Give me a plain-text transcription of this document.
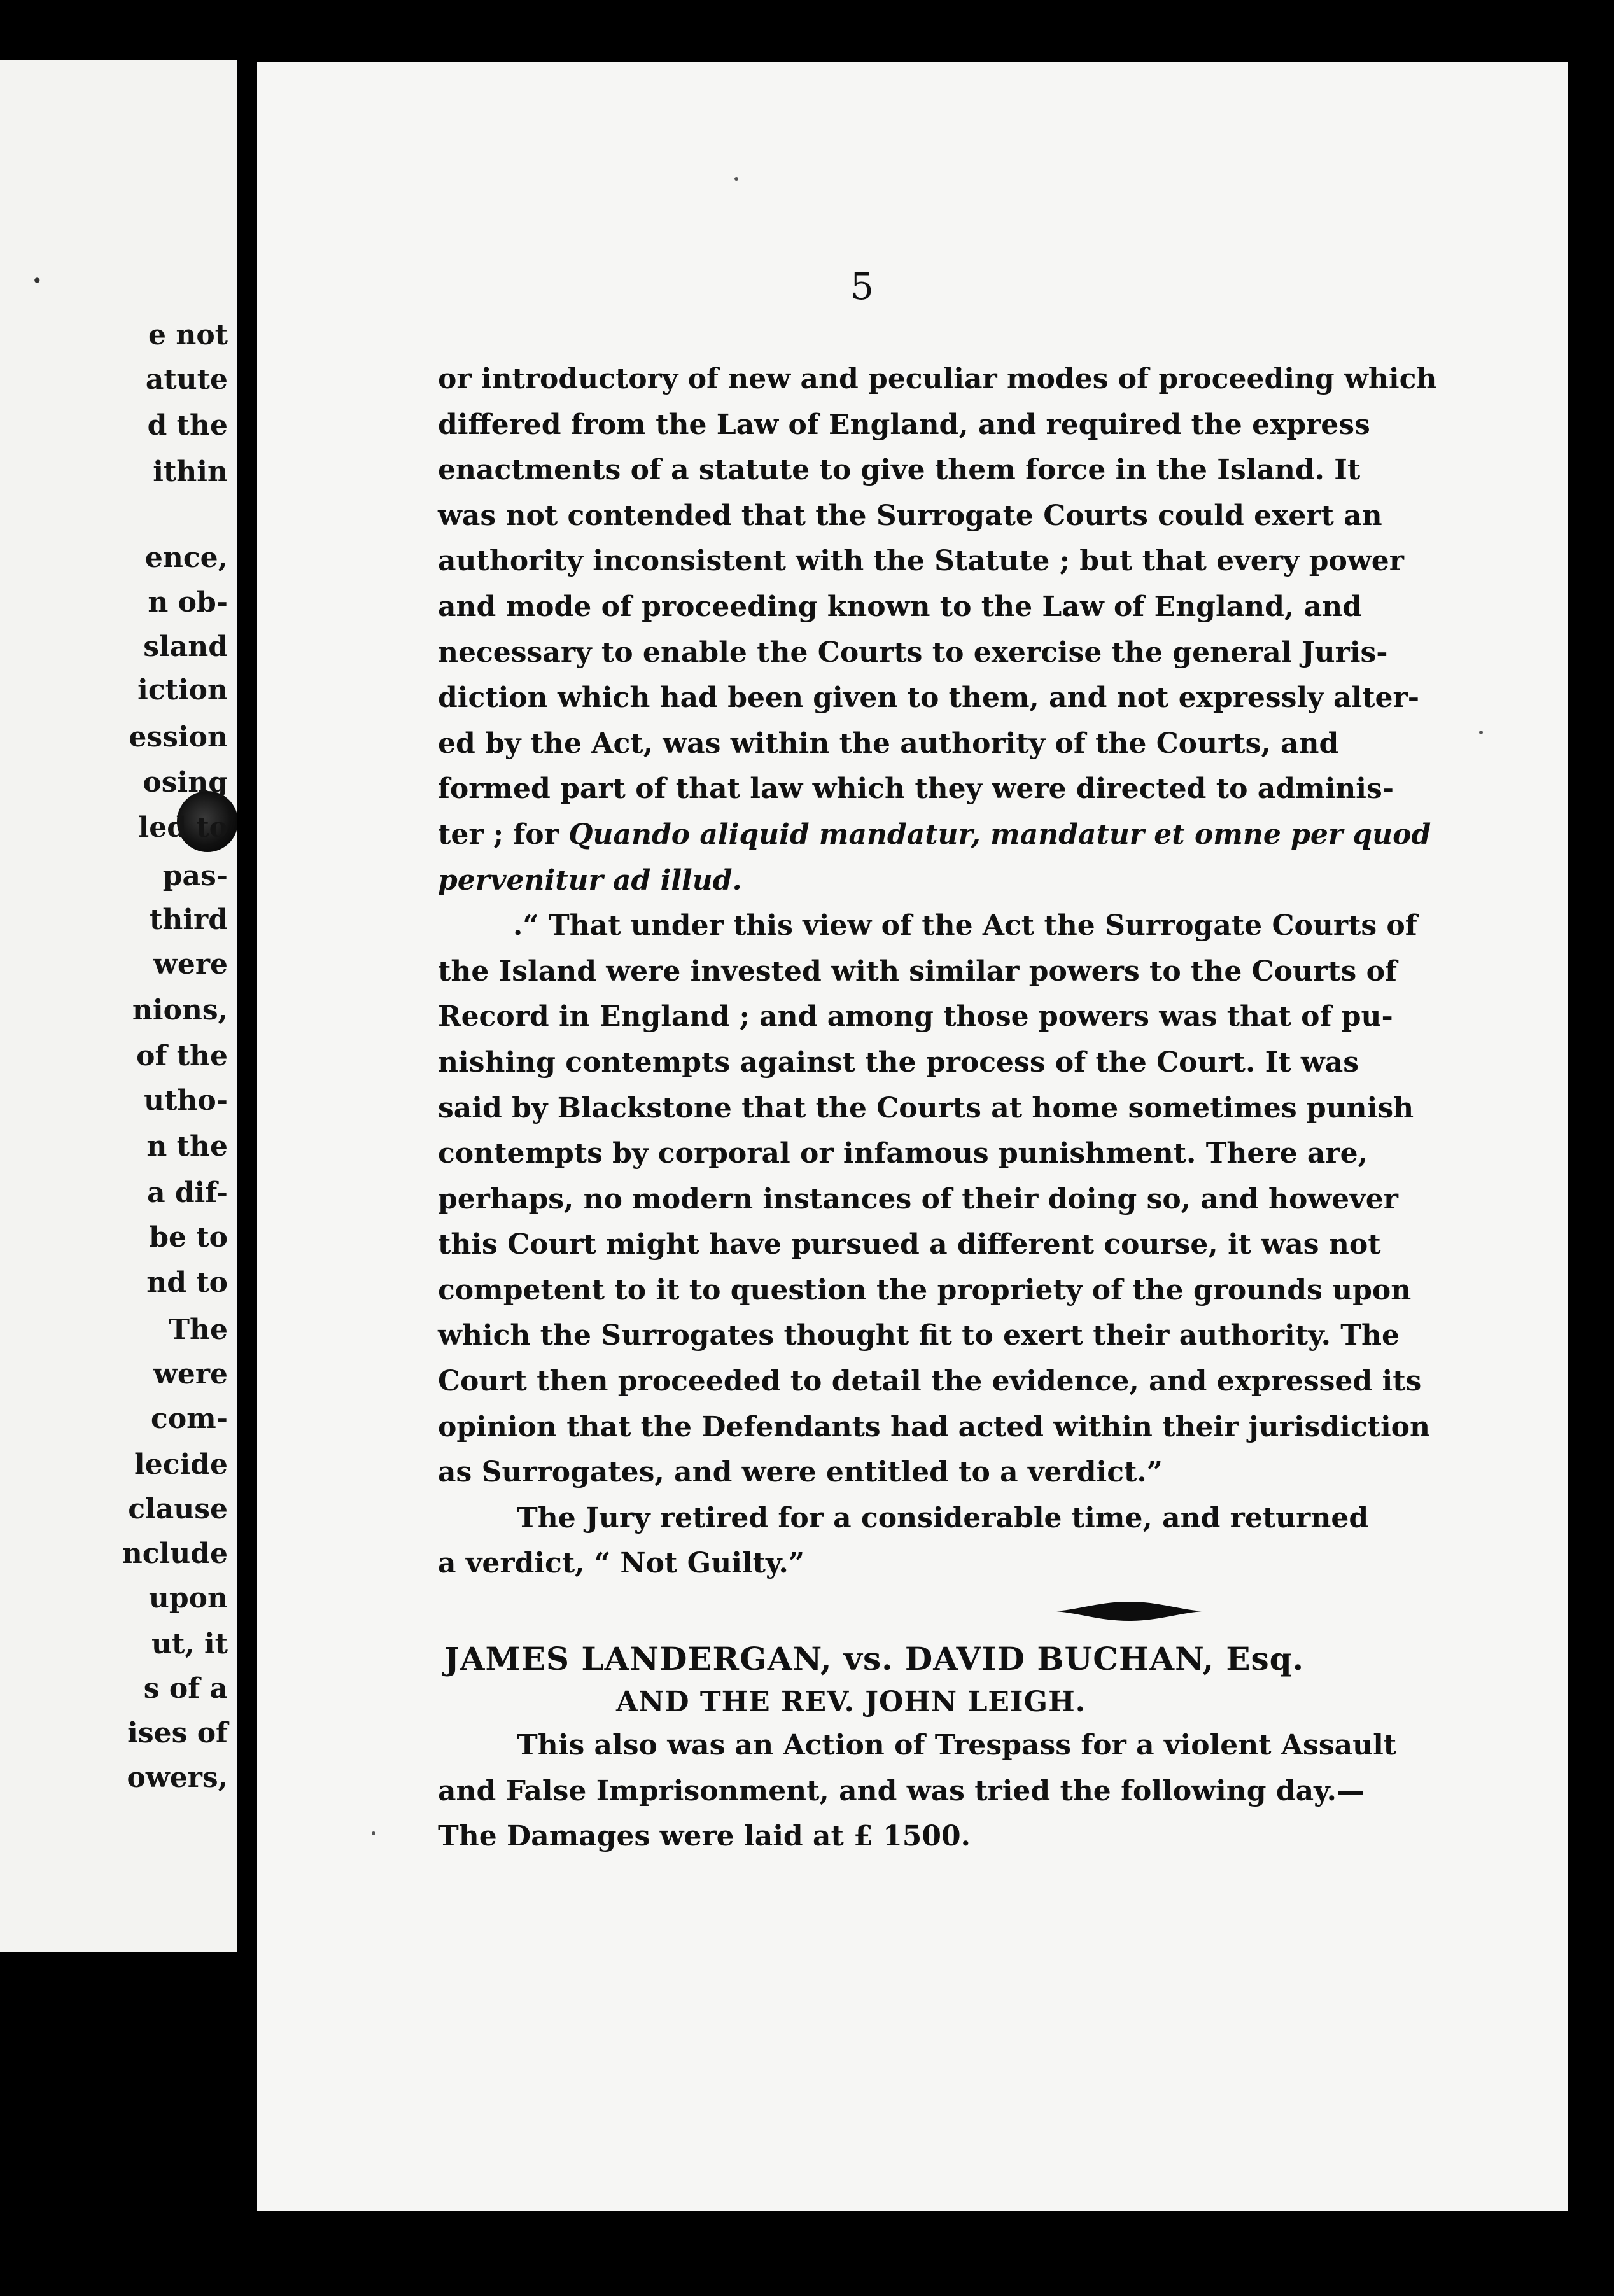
•
e not
atute
d the
ithin
ence,
n ob-
sland
iction
ession
osing
led to
pas-
third
were
nions,
of the
utho-
n the
a dif-
be to
nd to
The
were
com-
lecide
clause
nclude
upon
ut, it
s of a
ises of
owers,
5
or introductory of new and peculiar modes of proceeding which
differed from the Law of England, and required the express
enactments of a statute to give them force in the Island. It
was not contended that the Surrogate Courts could exert an
authority inconsistent with the Statute ; but that every power
and mode of proceeding known to the Law of England, and
necessary to enable the Courts to exercise the general Juris-
diction which had been given to them, and not expressly alter-
ed by the Act, was within the authority of the Courts, and
formed part of that law which they were directed to adminis-
ter ; for Quando aliquid mandatur, mandatur et omne per quod
pervenitur ad illud.
.“ That under this view of the Act the Surrogate Courts of
the Island were invested with similar powers to the Courts of
Record in England ; and among those powers was that of pu-
nishing contempts against the process of the Court. It was
said by Blackstone that the Courts at home sometimes punish
contempts by corporal or infamous punishment. There are,
perhaps, no modern instances of their doing so, and however
this Court might have pursued a different course, it was not
competent to it to question the propriety of the grounds upon
which the Surrogates thought fit to exert their authority. The
Court then proceeded to detail the evidence, and expressed its
opinion that the Defendants had acted within their jurisdiction
as Surrogates, and were entitled to a verdict.”
The Jury retired for a considerable time, and returned
a verdict, “ Not Guilty.”
JAMES LANDERGAN, vs. DAVID BUCHAN, Esq.
AND THE REV. JOHN LEIGH.
This also was an Action of Trespass for a violent Assault
and False Imprisonment, and was tried the following day.—
The Damages were laid at £ 1500.
